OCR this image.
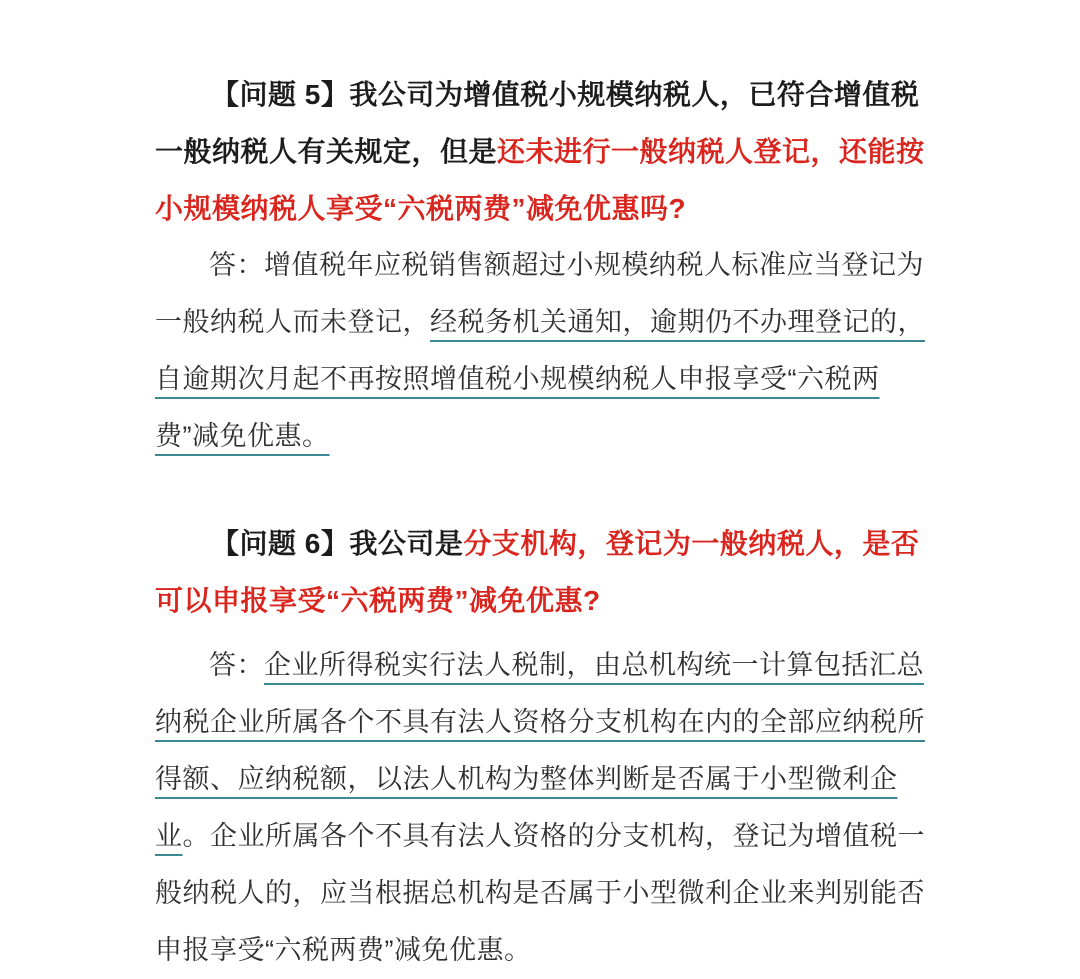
【问题 5】我公司为增值税小规模纳税人，已符合增值税一般纳税人有关规定，但是还未进行一般纳税人登记，还能按小规模纳税人享受“六税两费”减免优惠吗?

答：增值税年应税销售额超过小规模纳税人标准应当登记为一般纳税人而未登记，经税务机关通知，逾期仍不办理登记的，自逾期次月起不再按照增值税小规模纳税人申报享受“六税两费”减免优惠。

【问题 6】我公司是分支机构，登记为一般纳税人，是否可以申报享受“六税两费”减免优惠?

答：企业所得税实行法人税制，由总机构统一计算包括汇总纳税企业所属各个不具有法人资格分支机构在内的全部应纳税所得额、应纳税额，以法人机构为整体判断是否属于小型微利企业。企业所属各个不具有法人资格的分支机构，登记为增值税一般纳税人的，应当根据总机构是否属于小型微利企业来判别能否申报享受“六税两费”减免优惠。
